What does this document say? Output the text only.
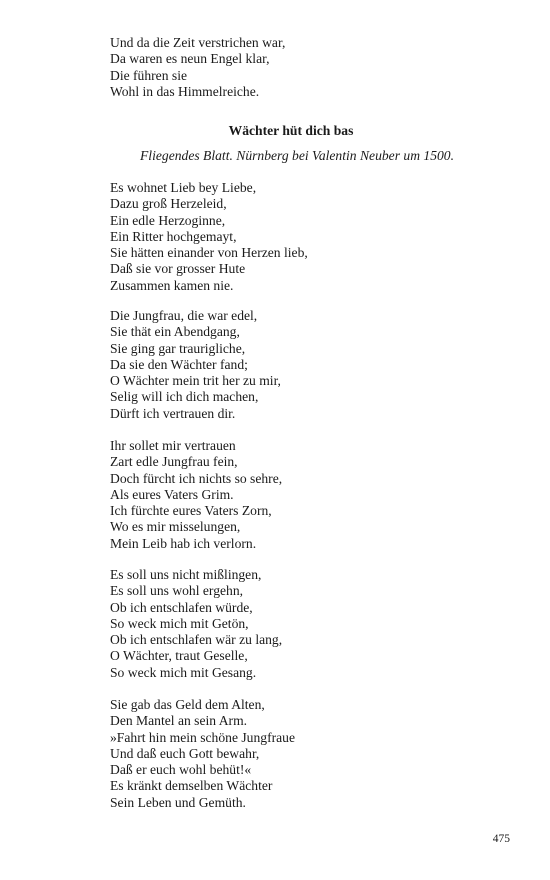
Und da die Zeit verstrichen war,
Da waren es neun Engel klar,
Die führen sie
Wohl in das Himmelreiche.
Wächter hüt dich bas
Fliegendes Blatt. Nürnberg bei Valentin Neuber um 1500.
Es wohnet Lieb bey Liebe,
Dazu groß Herzeleid,
Ein edle Herzoginne,
Ein Ritter hochgemayt,
Sie hätten einander von Herzen lieb,
Daß sie vor grosser Hute
Zusammen kamen nie.
Die Jungfrau, die war edel,
Sie thät ein Abendgang,
Sie ging gar traurigliche,
Da sie den Wächter fand;
O Wächter mein trit her zu mir,
Selig will ich dich machen,
Dürft ich vertrauen dir.
Ihr sollet mir vertrauen
Zart edle Jungfrau fein,
Doch fürcht ich nichts so sehre,
Als eures Vaters Grim.
Ich fürchte eures Vaters Zorn,
Wo es mir misselungen,
Mein Leib hab ich verlorn.
Es soll uns nicht mißlingen,
Es soll uns wohl ergehn,
Ob ich entschlafen würde,
So weck mich mit Getön,
Ob ich entschlafen wär zu lang,
O Wächter, traut Geselle,
So weck mich mit Gesang.
Sie gab das Geld dem Alten,
Den Mantel an sein Arm.
»Fahrt hin mein schöne Jungfraue
Und daß euch Gott bewahr,
Daß er euch wohl behüt!«
Es kränkt demselben Wächter
Sein Leben und Gemüth.
475
